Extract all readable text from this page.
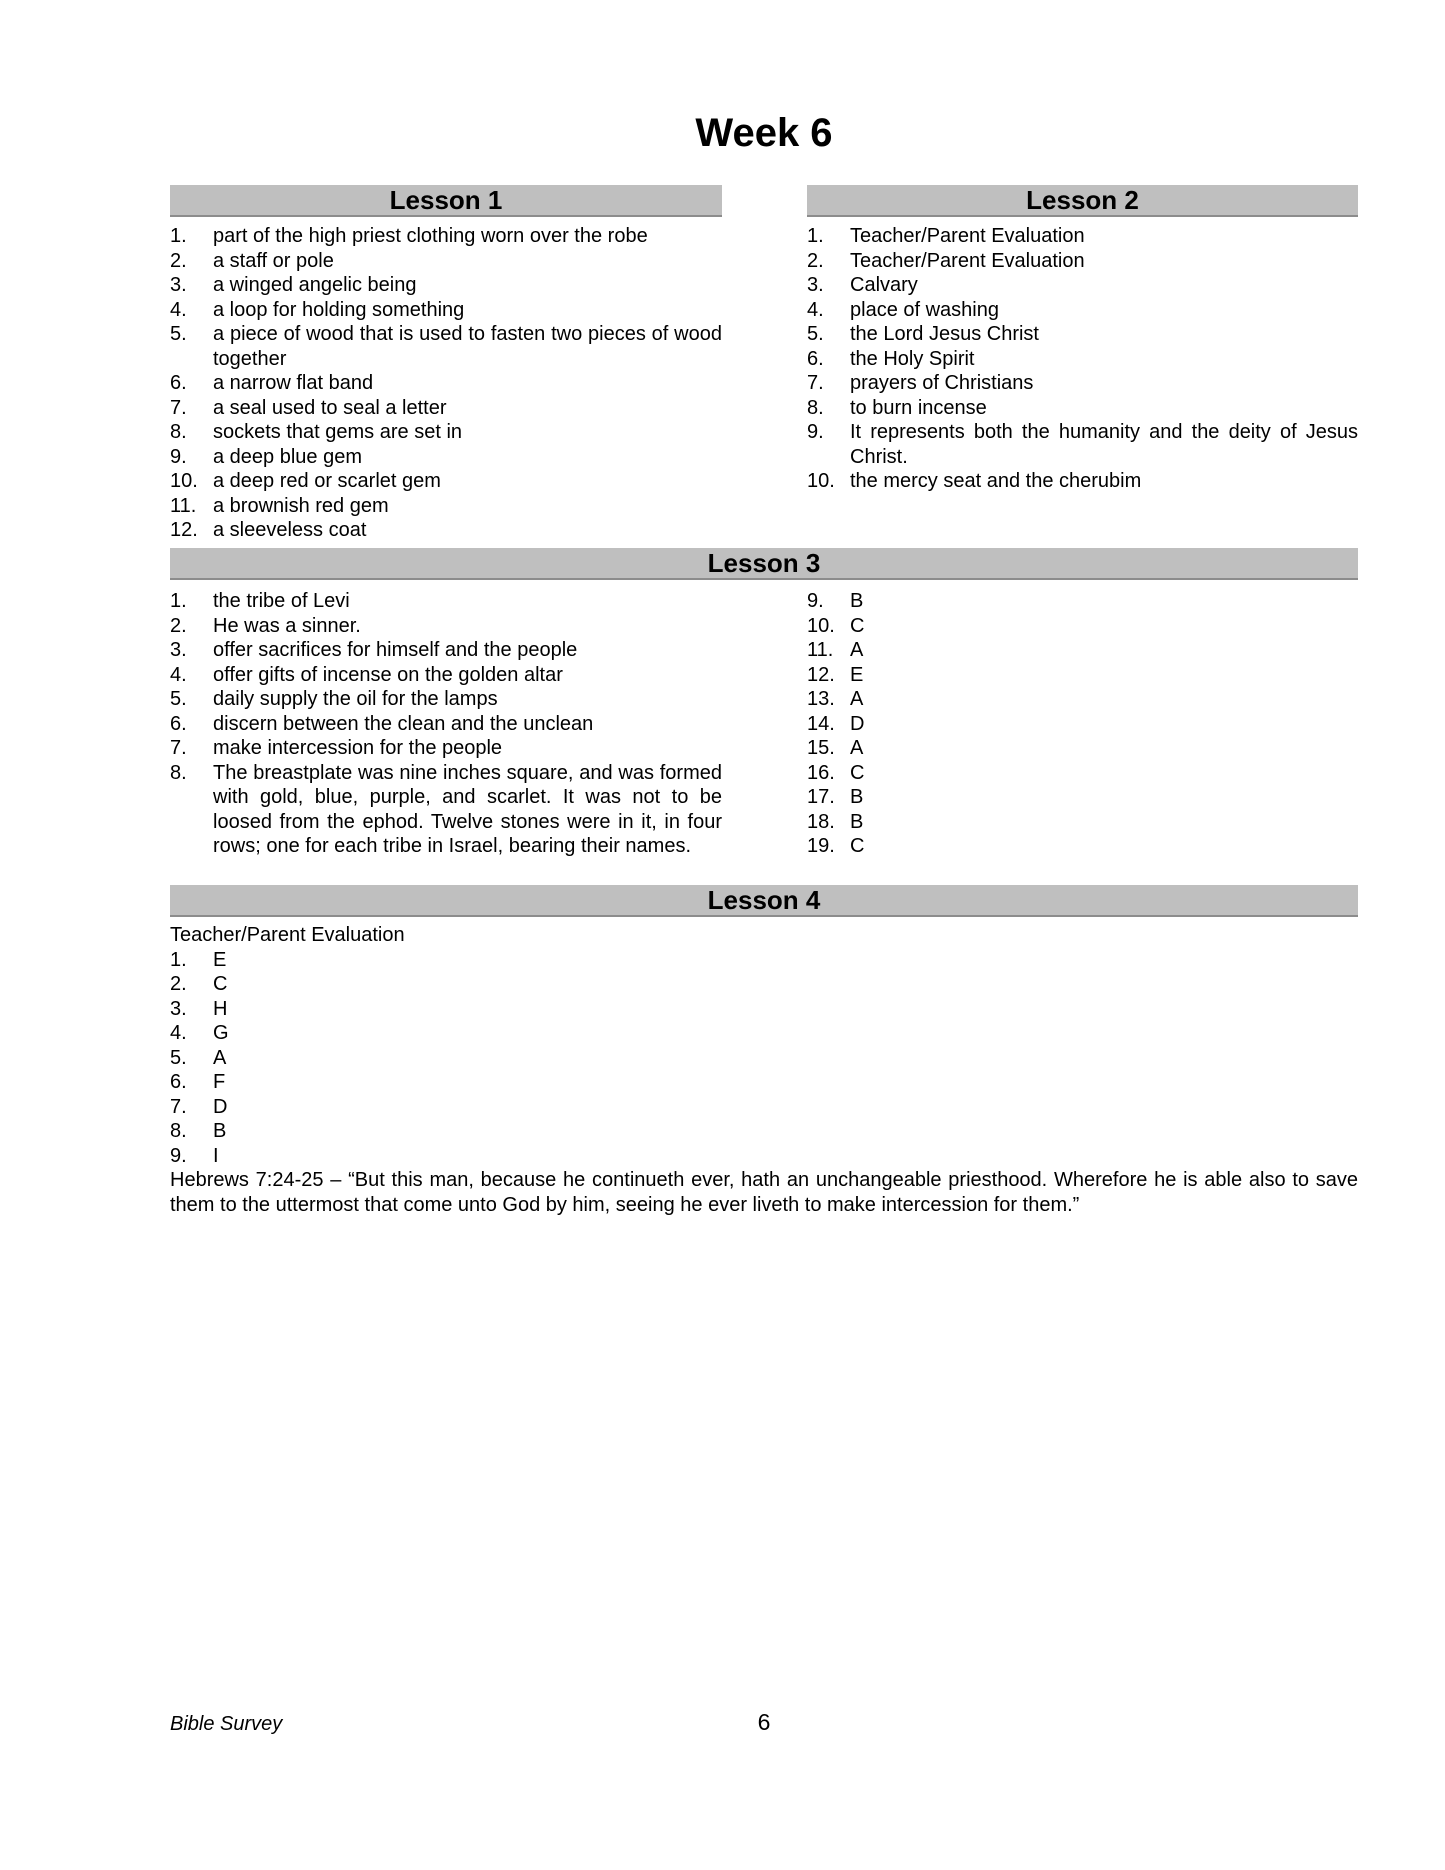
Week 6
Lesson 1
1. part of the high priest clothing worn over the robe
2. a staff or pole
3. a winged angelic being
4. a loop for holding something
5. a piece of wood that is used to fasten two pieces of wood together
6. a narrow flat band
7. a seal used to seal a letter
8. sockets that gems are set in
9. a deep blue gem
10. a deep red or scarlet gem
11. a brownish red gem
12. a sleeveless coat
Lesson 2
1. Teacher/Parent Evaluation
2. Teacher/Parent Evaluation
3. Calvary
4. place of washing
5. the Lord Jesus Christ
6. the Holy Spirit
7. prayers of Christians
8. to burn incense
9. It represents both the humanity and the deity of Jesus Christ.
10. the mercy seat and the cherubim
Lesson 3
1. the tribe of Levi
2. He was a sinner.
3. offer sacrifices for himself and the people
4. offer gifts of incense on the golden altar
5. daily supply the oil for the lamps
6. discern between the clean and the unclean
7. make intercession for the people
8. The breastplate was nine inches square, and was formed with gold, blue, purple, and scarlet. It was not to be loosed from the ephod. Twelve stones were in it, in four rows; one for each tribe in Israel, bearing their names.
9. B
10. C
11. A
12. E
13. A
14. D
15. A
16. C
17. B
18. B
19. C
Lesson 4
Teacher/Parent Evaluation
1. E
2. C
3. H
4. G
5. A
6. F
7. D
8. B
9. I
Hebrews 7:24-25 – “But this man, because he continueth ever, hath an unchangeable priesthood. Wherefore he is able also to save them to the uttermost that come unto God by him, seeing he ever liveth to make intercession for them.”
Bible Survey	6
